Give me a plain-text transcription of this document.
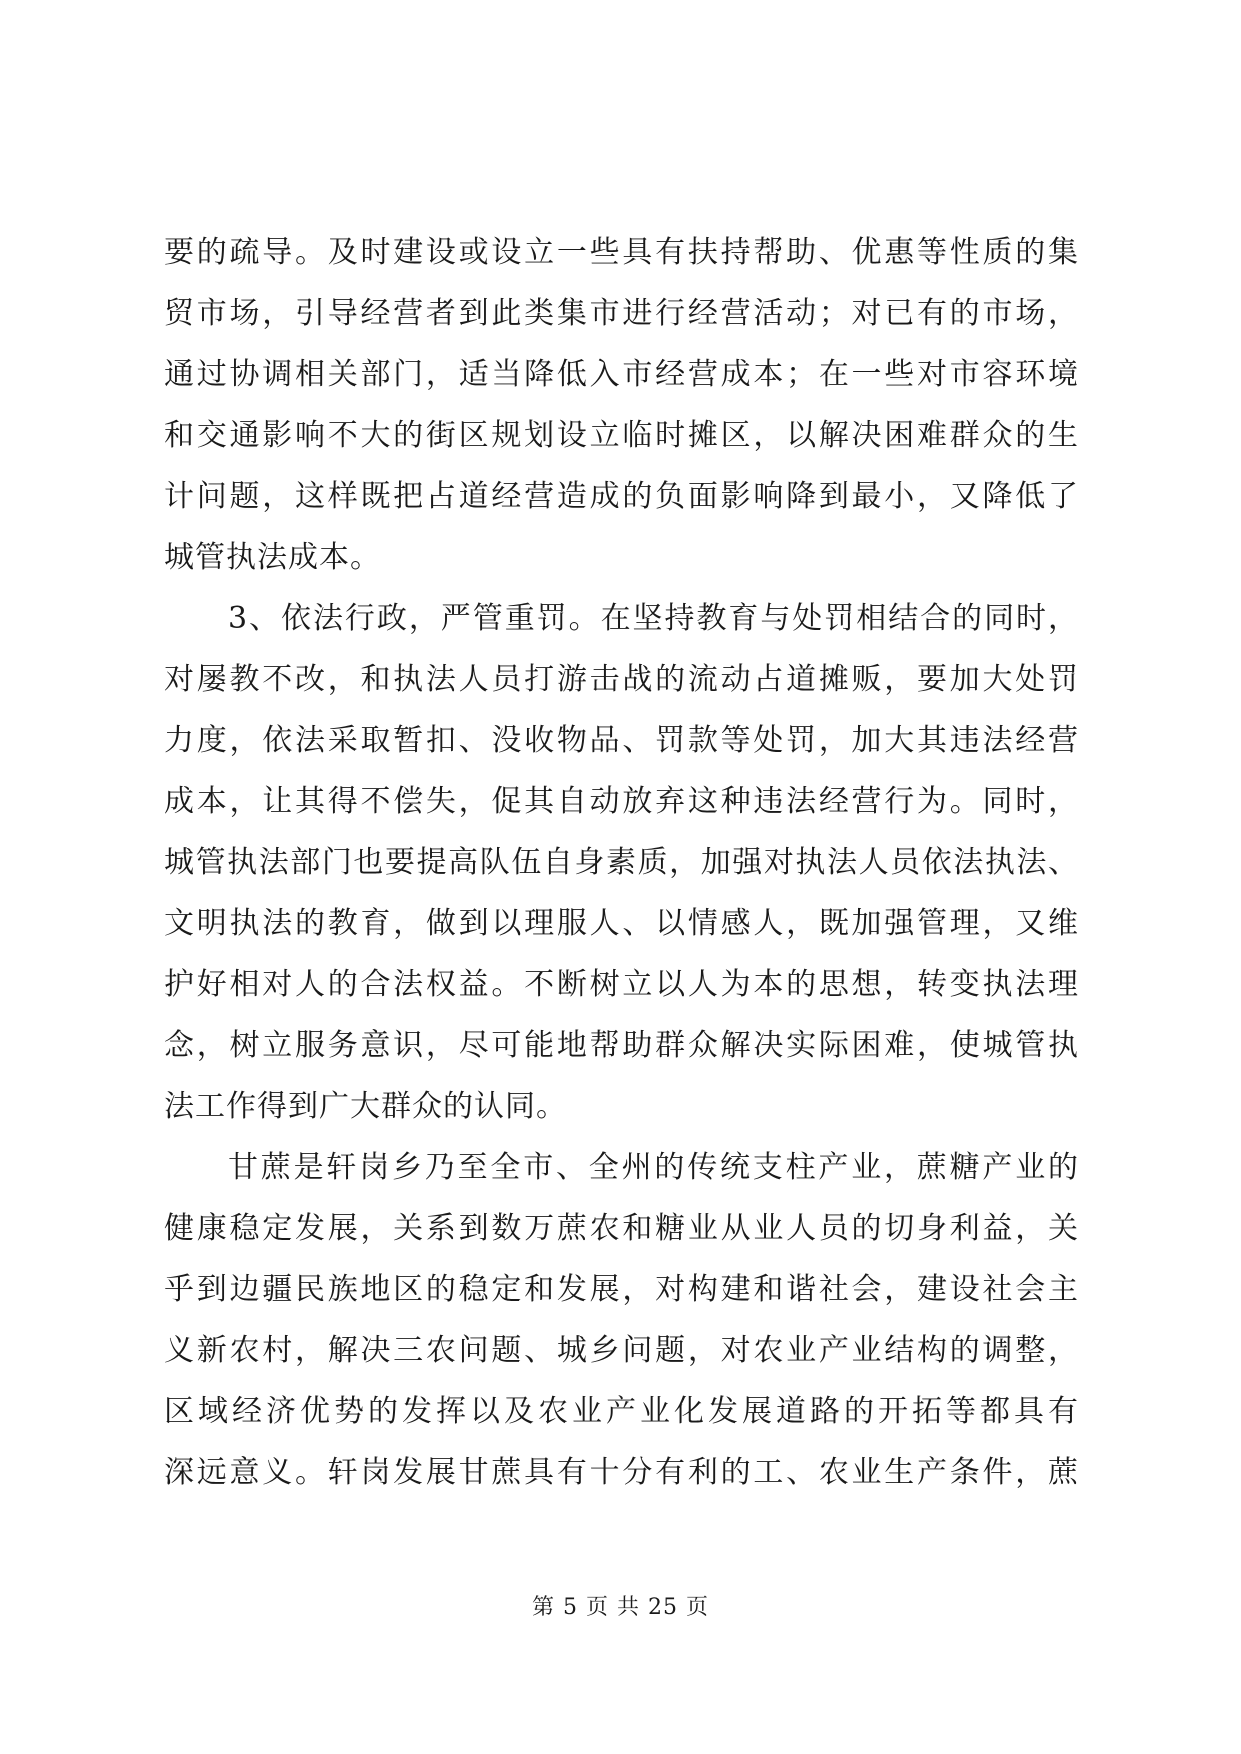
要的疏导。及时建设或设立一些具有扶持帮助、优惠等性质的集
贸市场，引导经营者到此类集市进行经营活动；对已有的市场，
通过协调相关部门，适当降低入市经营成本；在一些对市容环境
和交通影响不大的街区规划设立临时摊区，以解决困难群众的生
计问题，这样既把占道经营造成的负面影响降到最小，又降低了
城管执法成本。
3、依法行政，严管重罚。在坚持教育与处罚相结合的同时，
对屡教不改，和执法人员打游击战的流动占道摊贩，要加大处罚
力度，依法采取暂扣、没收物品、罚款等处罚，加大其违法经营
成本，让其得不偿失，促其自动放弃这种违法经营行为。同时，
城管执法部门也要提高队伍自身素质，加强对执法人员依法执法、
文明执法的教育，做到以理服人、以情感人，既加强管理，又维
护好相对人的合法权益。不断树立以人为本的思想，转变执法理
念，树立服务意识，尽可能地帮助群众解决实际困难，使城管执
法工作得到广大群众的认同。
甘蔗是轩岗乡乃至全市、全州的传统支柱产业，蔗糖产业的
健康稳定发展，关系到数万蔗农和糖业从业人员的切身利益，关
乎到边疆民族地区的稳定和发展，对构建和谐社会，建设社会主
义新农村，解决三农问题、城乡问题，对农业产业结构的调整，
区域经济优势的发挥以及农业产业化发展道路的开拓等都具有
深远意义。轩岗发展甘蔗具有十分有利的工、农业生产条件，蔗
第 5 页 共 25 页
